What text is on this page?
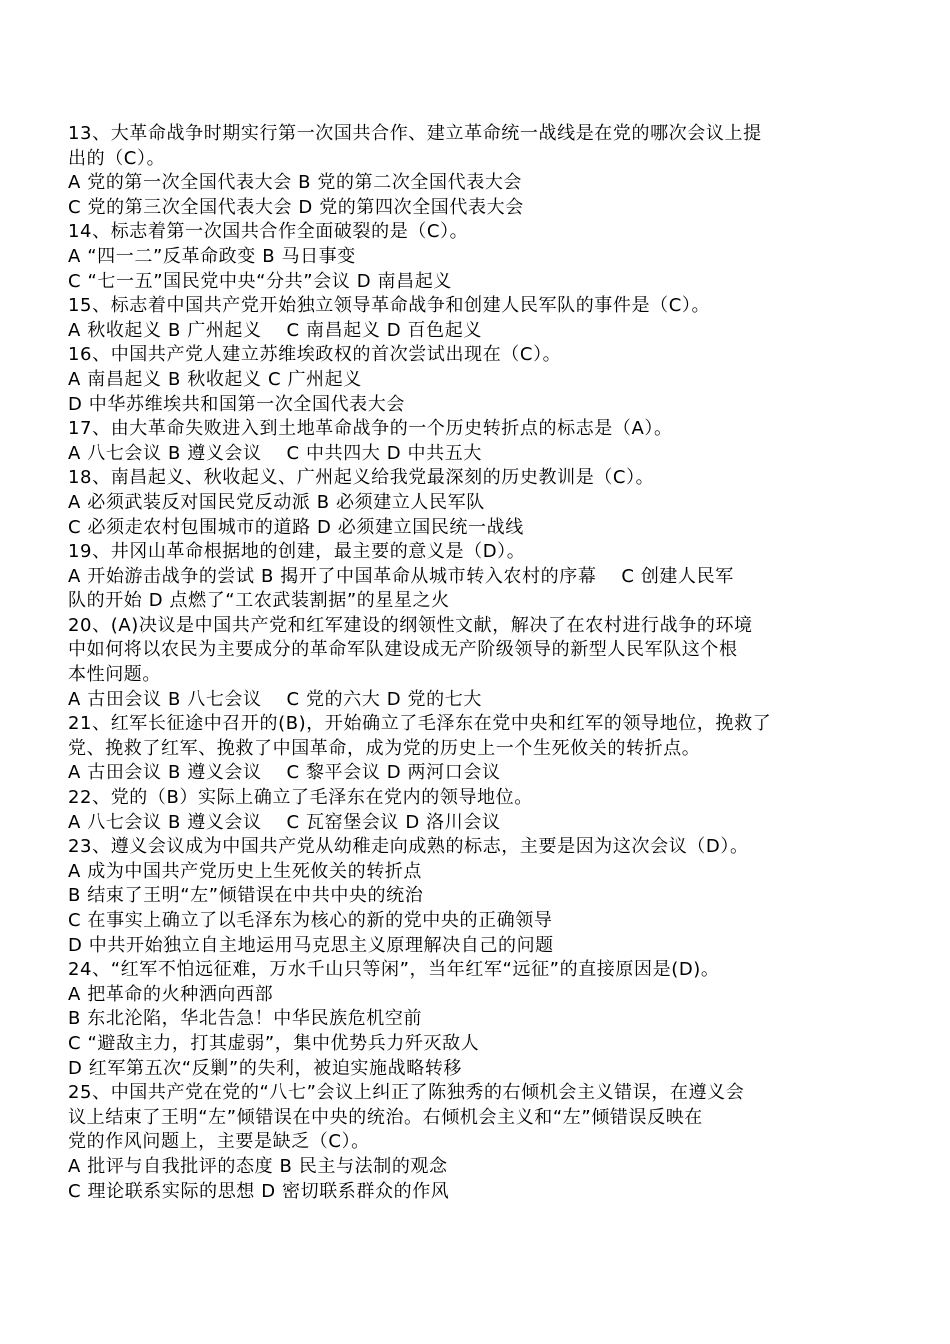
13、大革命战争时期实行第一次国共合作、建立革命统一战线是在党的哪次会议上提
出的（C）。
A 党的第一次全国代表大会 B 党的第二次全国代表大会
C 党的第三次全国代表大会 D 党的第四次全国代表大会
14、标志着第一次国共合作全面破裂的是（C）。
A “四一二”反革命政变 B 马日事变
C “七一五”国民党中央“分共”会议 D 南昌起义
15、标志着中国共产党开始独立领导革命战争和创建人民军队的事件是（C）。
A 秋收起义 B 广州起义　 C 南昌起义 D 百色起义
16、中国共产党人建立苏维埃政权的首次尝试出现在（C）。
A 南昌起义 B 秋收起义 C 广州起义
D 中华苏维埃共和国第一次全国代表大会
17、由大革命失败进入到土地革命战争的一个历史转折点的标志是（A）。
A 八七会议 B 遵义会议　 C 中共四大 D 中共五大
18、南昌起义、秋收起义、广州起义给我党最深刻的历史教训是（C）。
A 必须武装反对国民党反动派 B 必须建立人民军队
C 必须走农村包围城市的道路 D 必须建立国民统一战线
19、井冈山革命根据地的创建，最主要的意义是（D）。
A 开始游击战争的尝试 B 揭开了中国革命从城市转入农村的序幕　 C 创建人民军
队的开始 D 点燃了“工农武装割据”的星星之火
20、(A)决议是中国共产党和红军建设的纲领性文献，解决了在农村进行战争的环境
中如何将以农民为主要成分的革命军队建设成无产阶级领导的新型人民军队这个根
本性问题。
A 古田会议 B 八七会议　 C 党的六大 D 党的七大
21、红军长征途中召开的(B)，开始确立了毛泽东在党中央和红军的领导地位，挽救了
党、挽救了红军、挽救了中国革命，成为党的历史上一个生死攸关的转折点。
A 古田会议 B 遵义会议　 C 黎平会议 D 两河口会议
22、党的（B）实际上确立了毛泽东在党内的领导地位。
A 八七会议 B 遵义会议　 C 瓦窑堡会议 D 洛川会议
23、遵义会议成为中国共产党从幼稚走向成熟的标志，主要是因为这次会议（D）。
A 成为中国共产党历史上生死攸关的转折点
B 结束了王明“左”倾错误在中共中央的统治
C 在事实上确立了以毛泽东为核心的新的党中央的正确领导
D 中共开始独立自主地运用马克思主义原理解决自己的问题
24、“红军不怕远征难，万水千山只等闲”，当年红军“远征”的直接原因是(D)。
A 把革命的火种洒向西部
B 东北沦陷，华北告急！中华民族危机空前
C “避敌主力，打其虚弱”，集中优势兵力歼灭敌人
D 红军第五次“反剿”的失利，被迫实施战略转移
25、中国共产党在党的“八七”会议上纠正了陈独秀的右倾机会主义错误，在遵义会
议上结束了王明“左”倾错误在中央的统治。右倾机会主义和“左”倾错误反映在
党的作风问题上，主要是缺乏（C）。
A 批评与自我批评的态度 B 民主与法制的观念
C 理论联系实际的思想 D 密切联系群众的作风
